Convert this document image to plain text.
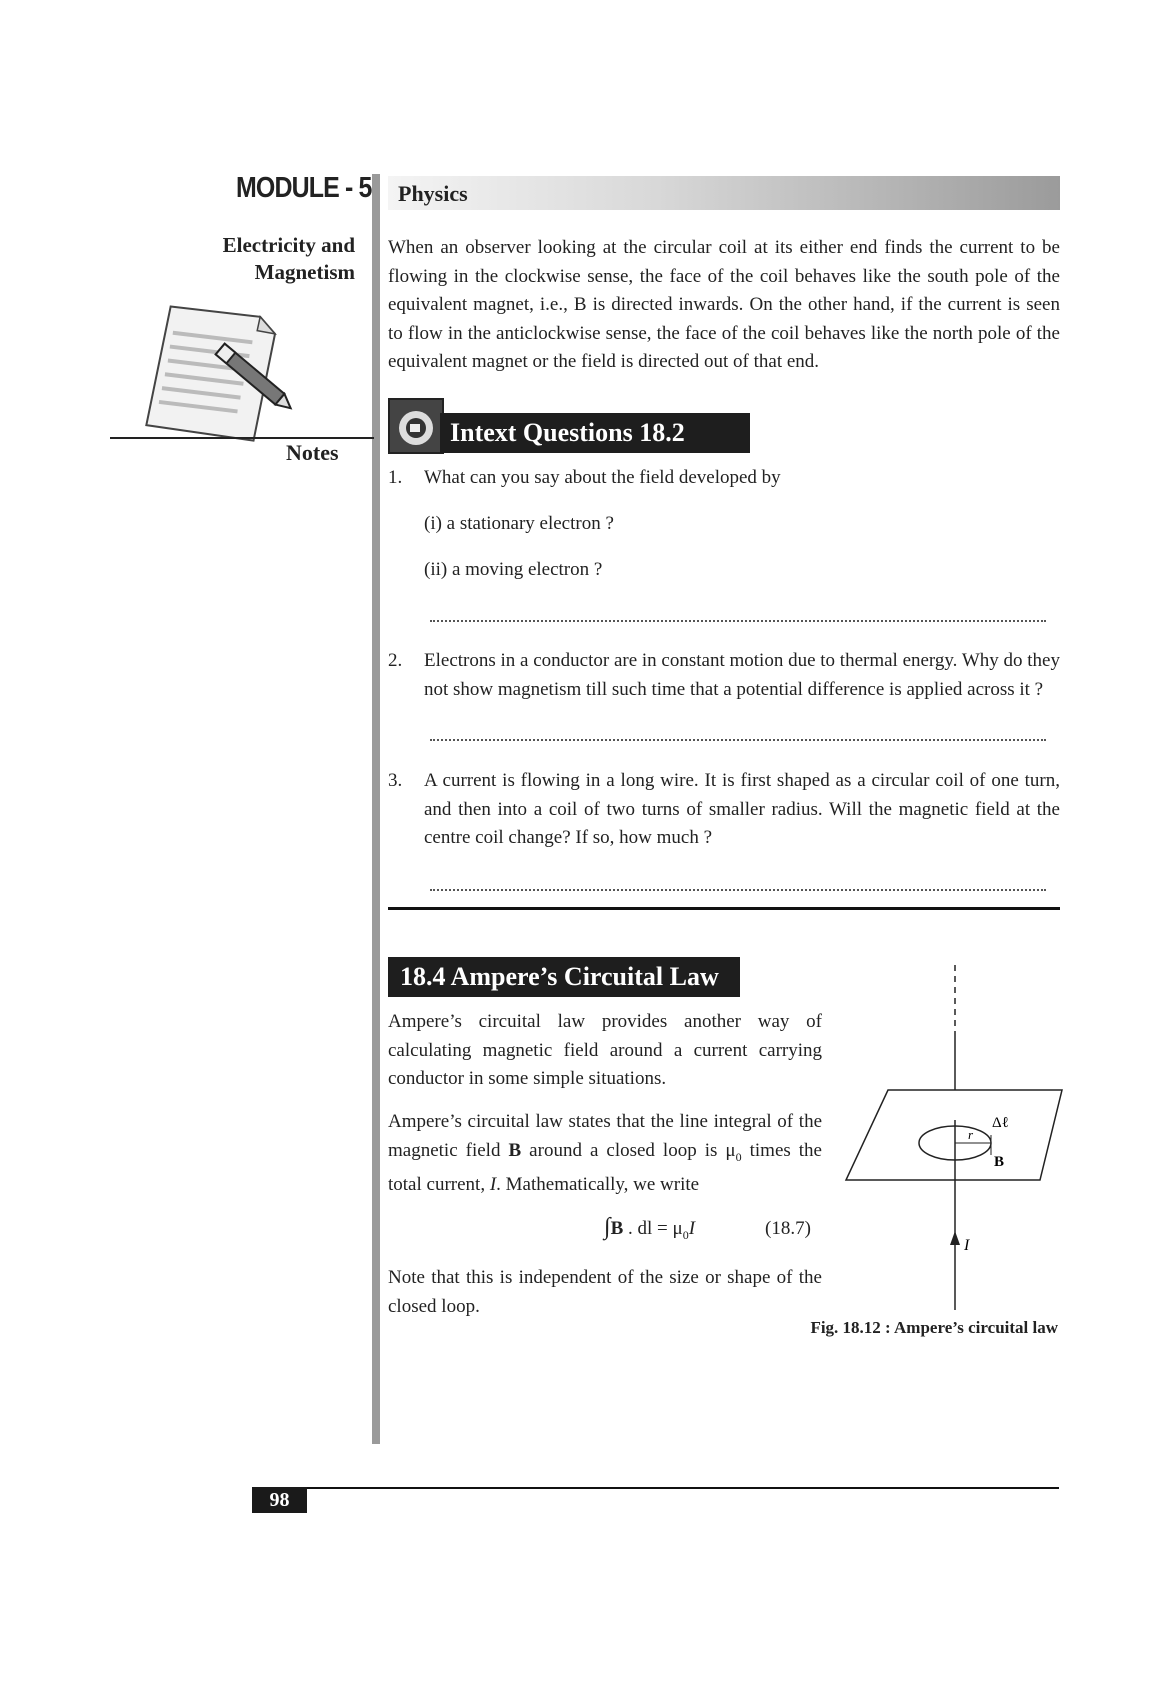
MODULE - 5 Physics
Electricity and
Magnetism
Notes
When an observer looking at the circular coil at its either end finds the current to be flowing in the clockwise sense, the face of the coil behaves like the south pole of the equivalent magnet, i.e., B is directed inwards. On the other hand, if the current is seen to flow in the anticlockwise sense, the face of the coil behaves like the north pole of the equivalent magnet or the field is directed out of that end.
Intext Questions 18.2
1. What can you say about the field developed by
(i) a stationary electron ?
(ii) a moving electron ?
2. Electrons in a conductor are in constant motion due to thermal energy. Why do they not show magnetism till such time that a potential difference is applied across it ?
3. A current is flowing in a long wire. It is first shaped as a circular coil of one turn, and then into a coil of two turns of smaller radius. Will the magnetic field at the centre coil change? If so, how much ?
18.4 Ampere’s Circuital Law
Ampere’s circuital law provides another way of calculating magnetic field around a current carrying conductor in some simple situations.
Ampere’s circuital law states that the line integral of the magnetic field B around a closed loop is $\mu_0$ times the total current, I. Mathematically, we write
∫B . dl = $\mu_0I$	(18.7)
Note that this is independent of the size or shape of the closed loop.
Δℓ
r
B
I
Fig. 18.12 : Ampere’s circuital law
98
